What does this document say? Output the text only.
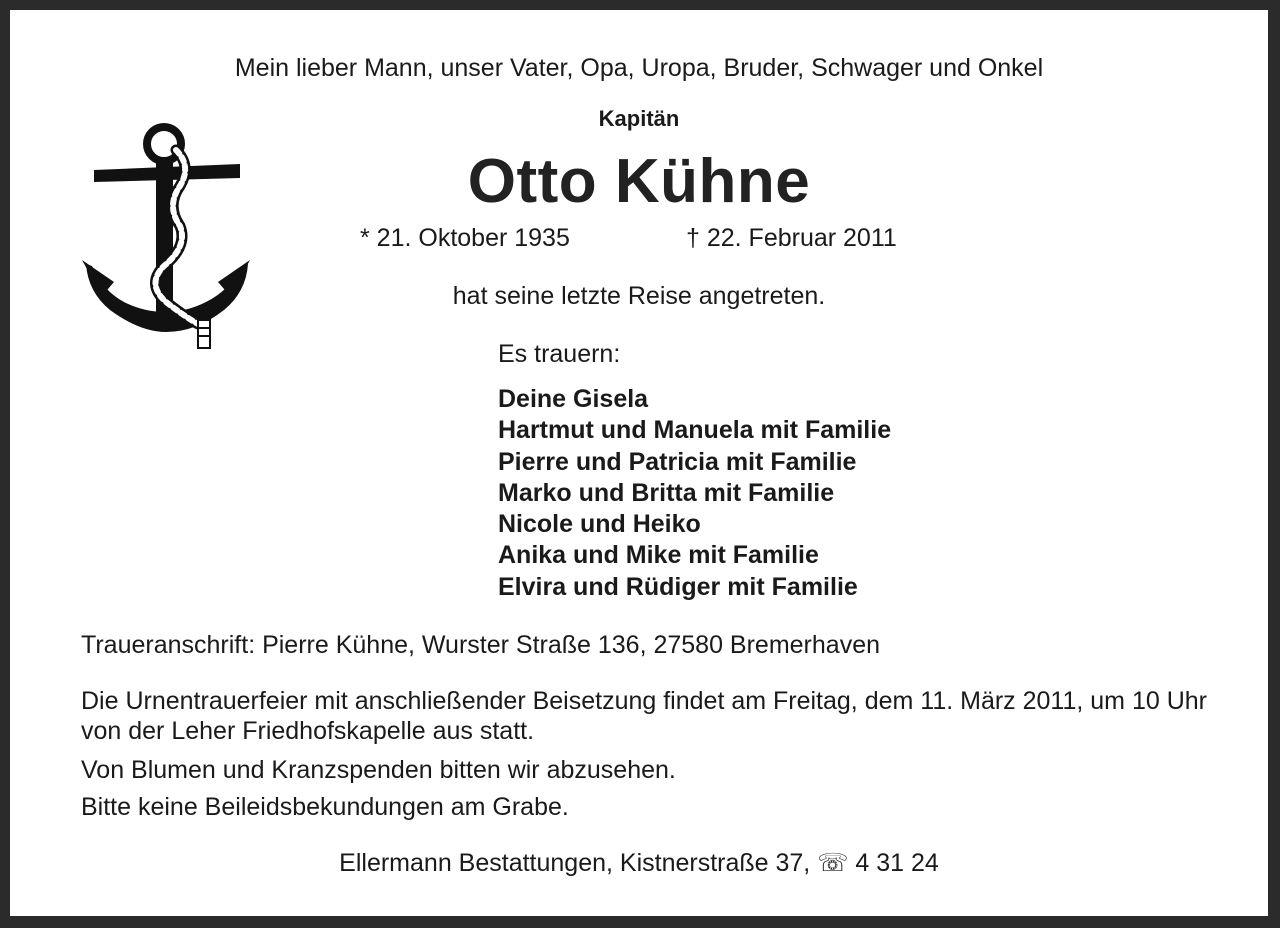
Mein lieber Mann, unser Vater, Opa, Uropa, Bruder, Schwager und Onkel
Kapitän
Otto Kühne
* 21. Oktober 1935	† 22. Februar 2011
hat seine letzte Reise angetreten.
Es trauern:
Deine Gisela
Hartmut und Manuela mit Familie
Pierre und Patricia mit Familie
Marko und Britta mit Familie
Nicole und Heiko
Anika und Mike mit Familie
Elvira und Rüdiger mit Familie
Traueranschrift: Pierre Kühne, Wurster Straße 136, 27580 Bremerhaven
Die Urnentrauerfeier mit anschließender Beisetzung findet am Freitag, dem 11. März 2011, um 10 Uhr von der Leher Friedhofskapelle aus statt.
Von Blumen und Kranzspenden bitten wir abzusehen.
Bitte keine Beileidsbekundungen am Grabe.
Ellermann Bestattungen, Kistnerstraße 37, ☏ 4 31 24
